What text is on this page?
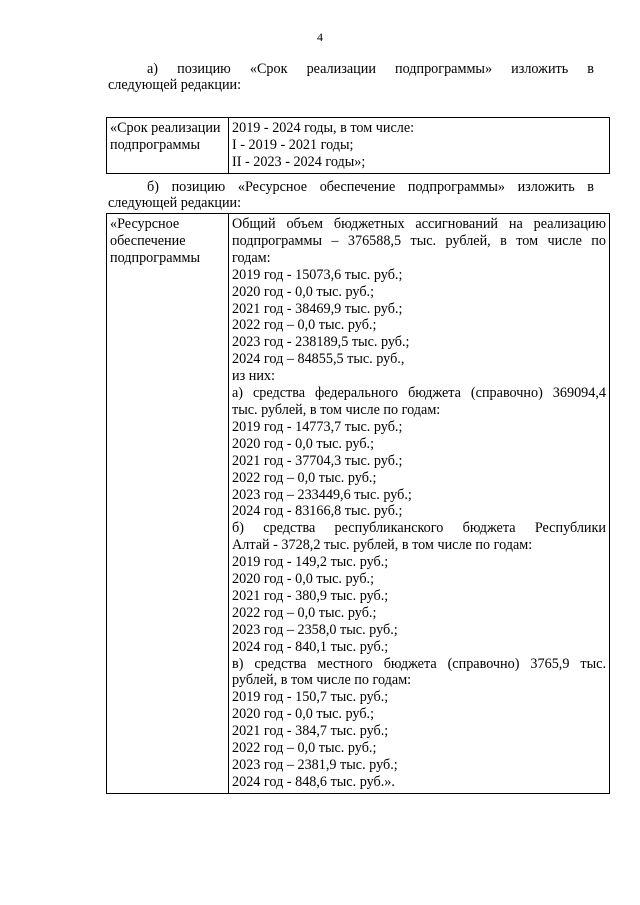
4
а) позицию «Срок реализации подпрограммы» изложить в
следующей редакции:
«Срок реализации
подпрограммы

2019 - 2024 годы, в том числе:
I - 2019 - 2021 годы;
II - 2023 - 2024 годы»;
б) позицию «Ресурсное обеспечение подпрограммы» изложить в
следующей редакции:
«Ресурсное
обеспечение
подпрограммы

Общий объем бюджетных ассигнований на реализацию
подпрограммы – 376588,5 тыс. рублей, в том числе по
годам:
2019 год - 15073,6 тыс. руб.;
2020 год - 0,0 тыс. руб.;
2021 год - 38469,9 тыс. руб.;
2022 год – 0,0 тыс. руб.;
2023 год - 238189,5 тыс. руб.;
2024 год – 84855,5 тыс. руб.,
из них:
а) средства федерального бюджета (справочно) 369094,4
тыс. рублей, в том числе по годам:
2019 год - 14773,7 тыс. руб.;
2020 год - 0,0 тыс. руб.;
2021 год - 37704,3 тыс. руб.;
2022 год – 0,0 тыс. руб.;
2023 год – 233449,6 тыс. руб.;
2024 год - 83166,8 тыс. руб.;
б) средства республиканского бюджета Республики
Алтай - 3728,2 тыс. рублей, в том числе по годам:
2019 год - 149,2 тыс. руб.;
2020 год - 0,0 тыс. руб.;
2021 год - 380,9 тыс. руб.;
2022 год – 0,0 тыс. руб.;
2023 год – 2358,0 тыс. руб.;
2024 год - 840,1 тыс. руб.;
в) средства местного бюджета (справочно) 3765,9 тыс.
рублей, в том числе по годам:
2019 год - 150,7 тыс. руб.;
2020 год - 0,0 тыс. руб.;
2021 год - 384,7 тыс. руб.;
2022 год – 0,0 тыс. руб.;
2023 год – 2381,9 тыс. руб.;
2024 год - 848,6 тыс. руб.».
